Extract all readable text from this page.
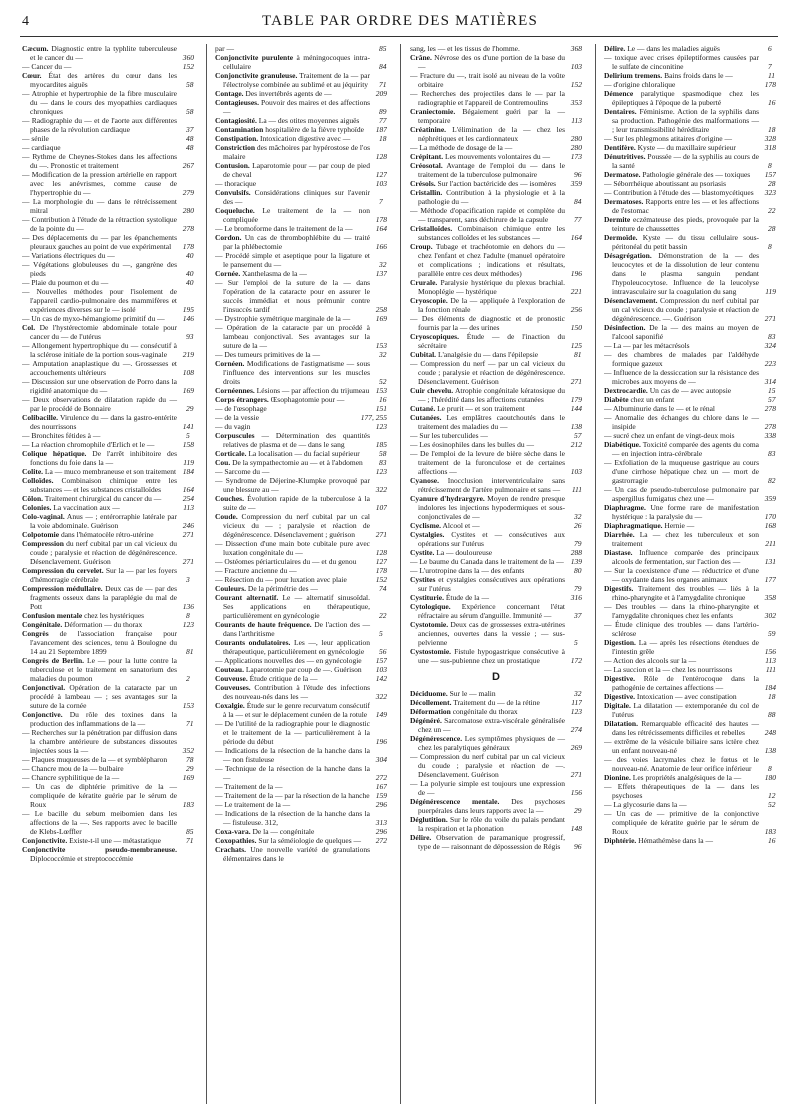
4	TABLE PAR ORDRE DES MATIÈRES
Cæcum. Diagnostic entre la typhlite tuberculeuse et le cancer du —	360
— Cancer du —	152
Cœur. État des artères du cœur dans les myocardites aiguës	58
— Atrophie et hypertrophie de la fibre musculaire du — dans le cours des myopathies cardiaques chroniques	58
— Radiographie du — et de l'aorte aux différentes phases de la révolution cardiaque	37
— sénile	48
— cardiaque	48
— Rythme de Cheynes-Stokes dans les affections du —. Pronostic et traitement	267
— Modification de la pression artérielle en rapport avec les anévrismes, comme cause de l'hypertrophie du —	279
— La morphologie du — dans le rétrécissement mitral	280
— Contribution à l'étude de la rétraction systolique de la pointe du —	278
— Des déplacements du — par les épanchements pleuraux gauches au point de vue expérimental 178
— Variations électriques du —	40
— Végétations globuleuses du —, gangrène des pieds	40
— Plaie du poumon et du —	40
— Nouvelles méthodes pour l'isolement de l'appareil cardio-pulmonaire des mammifères et expériences diverses sur le — isolé	195
— Un cas de myxo-hémangiome primitif du — 146
Col. De l'hystérectomie abdominale totale pour cancer du — de l'utérus	93
— Allongement hypertrophique du — consécutif à la sclérose initiale de la portion sous-vaginale 219
— Amputation anaplastique du —. Grossesses et accouchements ultérieurs	108
— Discussion sur une observation de Porro dans la rigidité anatomique du —	169
— Deux observations de dilatation rapide du — par le procédé de Bonnaire	29
Colibacille. Virulence du — dans la gastro-entérite des nourrissons	141
— Bronchites fétides à —	5
— La réaction chromophile d'Erlich et le —	158
Colique hépatique. De l'arrêt inhibitoire des fonctions du foie dans la —	119
Colite. La — muco membraneuse et son traitement 184
Colloïdes. Combinaison chimique entre les substances — et les substances cristalloïdes	164
Côlon. Traitement chirurgical du cancer du —	254
Colonies. La vaccination aux —	113
Colo-vaginal. Anus — ; entérorraphie latérale par la voie abdominale. Guérison	246
Colpotomie dans l'hématocèle rétro-utérine	271
Compression du nerf cubital par un cal vicieux du coude ; paralysie et réaction de dégénérescence. Désenclavement. Guérison	271
Compression du cervelet. Sur la — par les foyers d'hémorragie cérébrale	3
Compression médullaire. Deux cas de — par des fragments osseux dans la paraplégie du mal de Pott	136
Confusion mentale chez les hystériques	8
Congénitale. Déformation — du thorax	123
Congrès de l'association française pour l'avancement des sciences, tenu à Boulogne du 14 au 21 Septembre 1899	81
Congrès de Berlin. Le — pour la lutte contre la tuberculose et le traitement en sanatorium des maladies du poumon	2
Conjonctival. Opération de la cataracte par un procédé à lambeau — ; ses avantages sur la suture de la cornée	153
Conjonctive. Du rôle des toxines dans la production des inflammations de la —	71
— Recherches sur la pénétration par diffusion dans la chambre antérieure de substances dissoutes injectées sous la —	352
— Plaques muqueuses de la — et symblépharon	78
— Chancre mou de la — bulbaire	29
— Chancre syphilitique de la —	169
— Un cas de diphtérie primitive de la — compliquée de kératite guérie par le sérum de Roux	183
— Le bacille du sebum meibomien dans les affections de la —. Ses rapports avec le bacille de Klebs-Lœffler	85
Conjonctivite. Existe-t-il une — métastatique	71
Conjonctivite pseudo-membraneuse. Diplococcémie et streptococcémie
par —	85
Conjonctivite purulente à méningocoques intra-cellulaire	84
Conjonctivite granuleuse. Traitement de la — par l'électrolyse combinée au sublimé et au jéquirity 71
Contage. Des invertébrés agents de —	209
Contagieuses. Pouvoir des maires et des affections —	89
Contagiosité. La — des otites moyennes aiguës	77
Contamination hospitalière de la fièvre typhoïde 187
Constipation. Intoxication digestive avec —	18
Constriction des mâchoires par hypérostose de l'os malaire	128
Contusion. Laparotomie pour — par coup de pied de cheval	127
— thoracique	103
Convulsifs. Considérations cliniques sur l'avenir des —	7
Coqueluche. Le traitement de la — non compliquée	178
— Le bromoforme dans le traitement de la —	164
Cordon. Un cas de thrombophlébite du — traité par la phlébectomie	166
— Procédé simple et aseptique pour la ligature et le pansement du —	32
Cornée. Xanthelasma de la —	137
— Sur l'emploi de la suture de la — dans l'opération de la cataracte pour en assurer le succès immédiat et nous prémunir contre l'insuccès tardif	258
— Dystrophie symétrique marginale de la —	169
— Opération de la cataracte par un procédé à lambeau conjonctival. Ses avantages sur la suture de la —	153
— Des tumeurs primitives de la —	32
Cornéen. Modifications de l'astigmatisme — sous l'influence des interventions sur les muscles droits	52
Cornéennes. Lésions — par affection du trijumeau 153
Corps étrangers. Œsophagotomie pour —	16
— de l'œsophage	151
— de la vessie	177, 255
— du vagin	123
Corpuscules — Détermination des quantités relatives de plasma et de — dans le sang	185
Corticale. La localisation — du facial supérieur	58
Cou. De la sympathectomie au — et à l'abdomen 83
— Sarcome du —	123
— Syndrome de Déjerine-Klumpke provoqué par une blessure au —	322
Couches. Évolution rapide de la tuberculose à la suite de —	107
Coude. Compression du nerf cubital par un cal vicieux du — ; paralysie et réaction de dégénérescence. Désenclavement ; guérison	271
— Dissection d'une main bote cubitale pure avec luxation congénitale du —	128
— Ostéomes périarticulaires du — et du genou	127
— Fracture ancienne du —	178
— Résection du — pour luxation avec plaie	152
Couleurs. De la périmétrie des —	74
Courant alternatif. Le — alternatif sinusoïdal. Ses applications en thérapeutique, particulièrement en gynécologie	22
Courants de haute fréquence. De l'action des — dans l'arthritisme	5
Courants ondulatoires. Les —, leur application thérapeutique, particulièrement en gynécologie 56
— Applications nouvelles des — en gynécologie 157
Couteau. Laparotomie par coup de —. Guérison 103
Couveuse. Étude critique de la —	142
Couveuses. Contribution à l'étude des infections des nouveau-nés dans les —	322
Coxalgie. Étude sur le genre recurvatum consécutif à la — et sur le déplacement cunéen de la rotule 149
— De l'utilité de la radiographie pour le diagnostic et le traitement de la — particulièrement à la période du début	196
— Indications de la résection de la hanche dans la — non fistuleuse	304
— Technique de la résection de la hanche dans la —	272
— Traitement de la —	167
— Traitement de la — par la résection de la hanche 159
— Le traitement de la —	296
— Indications de la résection de la hanche dans la — fistuleuse. 312,	313
Coxa-vara. De la — congénitale	296
Coxopathies. Sur la séméiologie de quelques — 272
Crachats. Une nouvelle variété de granulations élémentaires dans le
sang, les — et les tissus de l'homme.	368
Crâne. Névrose des os d'une portion de la base du —	103
— Fracture du —, trait isolé au niveau de la voûte orbitaire	152
— Recherches des projectiles dans le — par la radiographie et l'appareil de Contremoulins	353
Craniectomie. Bégaiement guéri par la — temporaire	113
Créatinine. L'élimination de la — chez les néphrétiques et les cardionnateux	280
— La méthode de dosage de la —	280
Crépitant. Les mouvements volontaires du —	173
Créosotal. Avantage de l'emploi du — dans le traitement de la tuberculose pulmonaire	96
Crésols. Sur l'action bactéricide des — isomères 359
Cristallin. Contribution à la physiologie et à la pathologie du —	84
— Méthode d'opacification rapide et complète du — transparent, sans déchirure de la capsule	77
Cristalloïdes. Combinaison chimique entre les substances colloïdes et les substances —	164
Croup. Tubage et trachéotomie en dehors du — chez l'enfant et chez l'adulte (manuel opératoire et complications ; indications et résultats, parallèle entre ces deux méthodes)	196
Crurale. Paralysie hystérique du plexus brachial. Monoplégie — hystérique	221
Cryoscopie. De la — appliquée à l'exploration de la fonction rénale	256
— Des éléments de diagnostic et de pronostic fournis par la — des urines	150
Cryoscopiques. Étude — de l'inaction du sécrétaire	125
Cubital. L'analgésie du — dans l'épilepsie	81
— Compression du nerf — par un cal vicieux du coude ; paralysie et réaction de dégénérescence. Désenclavement. Guérison	271
Cuir chevelu. Atrophie congénitale kératosique du — ; l'hérédité dans les affections cutanées	179
Cutané. Le prurit — et son traitement	144
Cutanées. Les emplâtres caoutchoutés dans le traitement des maladies du —	138
— Sur les tuberculides —	57
— Les éosinophiles dans les bulles du —	212
— De l'emploi de la levure de bière sèche dans le traitement de la furonculose et de certaines affections —	103
Cyanose. Inocclusion interventriculaire sans rétrécissement de l'artère pulmonaire et sans — 111
Cyanure d'hydrargyre. Moyen de rendre presque indolores les injections hypodermiques et sous-conjonctivales de —	32
Cyclisme. Alcool et —	26
Cystalgies. Cystites et — consécutives aux opérations sur l'utérus	79
Cystite. La — douloureuse	288
— Le baume du Canada dans le traitement de la — 139
— L'urotropine dans la — des enfants	80
Cystites et cystalgies consécutives aux opérations sur l'utérus	79
Cystiturie. Étude de la —	316
Cytologique. Expérience concernant l'état réfractaire au sérum d'anguille. Immunité —	37
Cystotomie. Deux cas de grossesses extra-utérines anciennes, ouvertes dans la vessie ; — sus-pelvienne	5
Cystostomie. Fistule hypogastrique consécutive à une — sus-pubienne chez un prostatique	172
D
Déciduome. Sur le — malin	32
Décollement. Traitement du — de la rétine	117
Déformation congénitale du thorax	123
Dégénéré. Sarcomatose extra-viscérale généralisée chez un —	274
Dégénérescence. Les symptômes physiques de — chez les paralytiques généraux	269
— Compression du nerf cubital par un cal vicieux du coude ; paralysie et réaction de —. Désenclavement. Guérison	271
— La polyurie simple est toujours une expression de —	156
Dégénérescence mentale. Des psychoses puerpérales dans leurs rapports avec la —	29
Déglutition. Sur le rôle du voile du palais pendant la respiration et la phonation	148
Délire. Observation de paramanique progressif, type de — raisonnant de dépossession de Régis 96
Délire. Le — dans les maladies aiguës	6
— toxique avec crises épileptiformes causées par le sulfate de cinconitine	7
Delirium tremens. Bains froids dans le —	11
— d'origine chloralique	178
Démence paralytique spasmodique chez les épileptiques à l'époque de la puberté	16
Dentaires. Féminisme. Action de la syphilis dans sa production. Pathogénie des malformations — ; leur transmissibilité héréditaire	18
— Sur les phlegmons atitaires d'origine —	328
Dentifère. Kyste — du maxillaire supérieur	318
Dénutritives. Poussée — de la syphilis au cours de la santé	8
Dermatose. Pathologie générale des — toxiques 157
— Séborrhéique aboutissant au psoriasis	28
— Contribution à l'étude des — blastomycétiques 323
Dermatoses. Rapports entre les — et les affections de l'estomac	22
Dermite eczémateuse des pieds, provoquée par la teinture de chaussettes	28
Dermoïde. Kyste — du tissu cellulaire sous-péritonéal du petit bassin	8
Désagrégation. Démonstration de la — des leucocytes et de la dissolution de leur contenu dans le plasma sanguin pendant l'hypoleucocytose. Influence de la leucolyse intravasculaire sur la coagulation du sang	119
Désenclavement. Compression du nerf cubital par un cal vicieux du coude ; paralysie et réaction de dégénérescence. —. Guérison	271
Désinfection. De la — des mains au moyen de l'alcool saponifié	83
— La — par les métacrésols	324
— des chambres de malades par l'aldéhyde formique gazeux	223
— Influence de la dessiccation sur la résistance des microbes aux moyens de —	314
Dextrocardie. Un cas de — avec autopsie	15
Diabète chez un enfant	57
— Albuminurie dans le — et le rénal	278
— Anomalie des échanges du chlore dans le — insipide	278
— sucré chez un enfant de vingt-deux mois	338
Diabétique. Toxicité comparée des agents du coma — en injection intra-cérébrale	83
— Exfoliation de la muqueuse gastrique au cours d'une cirrhose hépatique chez un — mort de gastrorragie	82
— Un cas de pseudo-tuberculose pulmonaire par aspergillus fumigatus chez une —	359
Diaphragme. Une forme rare de manifestation hystérique : la paralysie du —	170
Diaphragmatique. Hernie —	168
Diarrhée. La — chez les tuberculeux et son traitement	211
Diastase. Influence comparée des principaux alcools de fermentation, sur l'action des —	131
— Sur la coexistence d'une — réductrice et d'une — oxydante dans les organes animaux	177
Digestifs. Traitement des troubles — liés à la rhino-pharyngite et à l'amygdalite chronique	358
— Des troubles — dans la rhino-pharyngite et l'amygdalite chroniques chez les enfants	302
— Étude clinique des troubles — dans l'artério-sclérose	59
Digestion. La — après les résections étendues de l'intestin grêle	156
— Action des alcools sur la —	113
— La succion et la — chez les nourrissons	111
Digestive. Rôle de l'entérocoque dans la pathogénie de certaines affections —	184
Digestive. Intoxication — avec constipation	18
Digitale. La dilatation — extemporanée du col de l'utérus	88
Dilatation. Remarquable efficacité des hautes — dans les rétrécissements difficiles et rebelles	248
— extrême de la vésicule biliaire sans ictère chez un enfant nouveau-né	138
— des voies lacrymales chez le fœtus et le nouveau-né. Anatomie de leur orifice inférieur 8
Dionine. Les propriétés analgésiques de la —	180
— Effets thérapeutiques de la — dans les psychoses	12
— La glycosurie dans la —	52
— Un cas de — primitive de la conjonctive compliquée de kératite guérie par le sérum de Roux	183
Diphtérie. Hémathémèse dans la —	16
